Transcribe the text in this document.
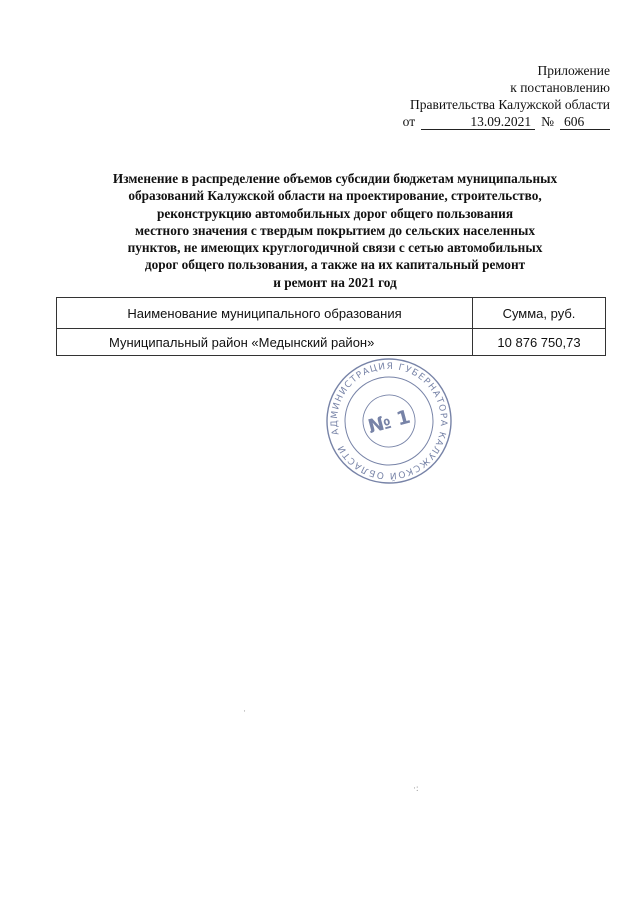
Приложение
к постановлению
Правительства Калужской области
от	13.09.2021 № 606
Изменение в распределение объемов субсидии бюджетам муниципальных
образований Калужской области на проектирование, строительство,
реконструкцию автомобильных дорог общего пользования
местного значения с твердым покрытием до сельских населенных
пунктов, не имеющих круглогодичной связи с сетью автомобильных
дорог общего пользования, а также на их капитальный ремонт
и ремонт на 2021 год
Наименование муниципального образования	Сумма, руб.
Муниципальный район «Медынский район»	10 876 750,73
АДМИНИСТРАЦИЯ ГУБЕРНАТОРА КАЛУЖСКОЙ ОБЛАСТИ
№ 1
·
·:
